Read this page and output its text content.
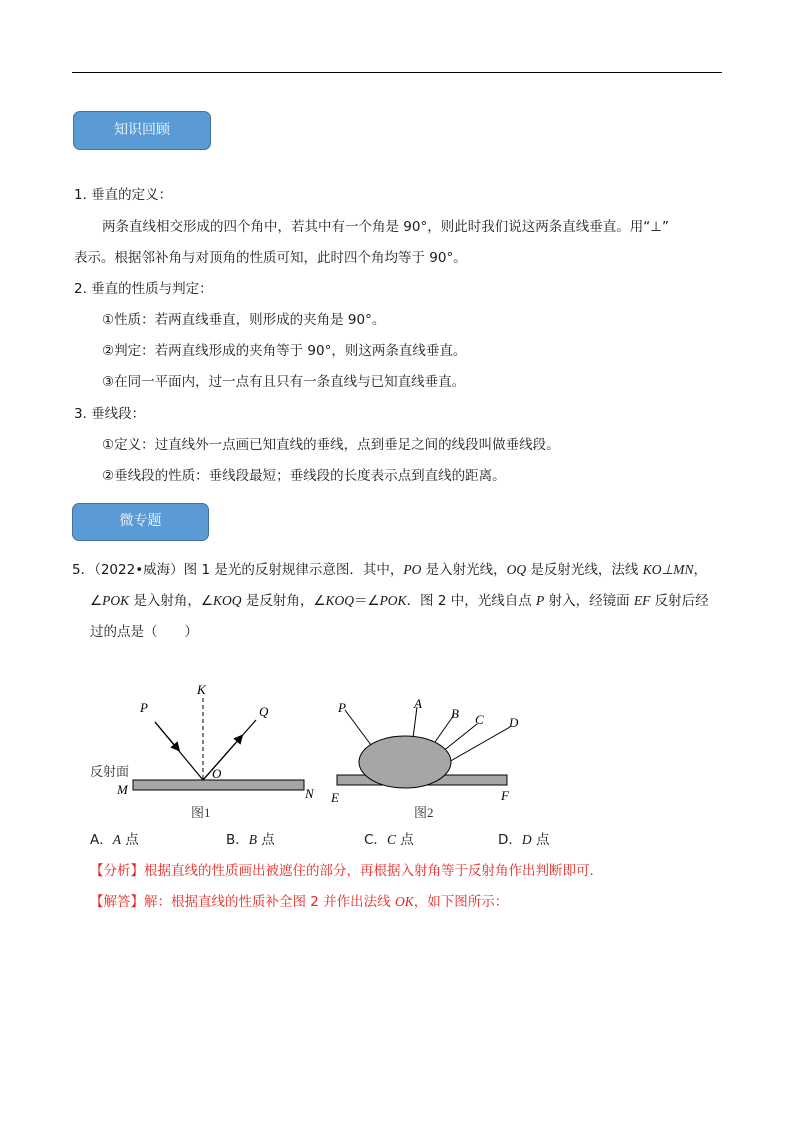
知识回顾
1. 垂直的定义：
两条直线相交形成的四个角中，若其中有一个角是 90°，则此时我们说这两条直线垂直。用“⊥”
表示。根据邻补角与对顶角的性质可知，此时四个角均等于 90°。
2. 垂直的性质与判定：
①性质：若两直线垂直，则形成的夹角是 90°。
②判定：若两直线形成的夹角等于 90°，则这两条直线垂直。
③在同一平面内，过一点有且只有一条直线与已知直线垂直。
3. 垂线段：
①定义：过直线外一点画已知直线的垂线，点到垂足之间的线段叫做垂线段。
②垂线段的性质：垂线段最短；垂线段的长度表示点到直线的距离。
微专题
5．（2022•威海）图 1 是光的反射规律示意图．其中，PO 是入射光线，OQ 是反射光线，法线 KO⊥MN，
∠POK 是入射角，∠KOQ 是反射角，∠KOQ＝∠POK．图 2 中，光线自点 P 射入，经镜面 EF 反射后经
过的点是（　　）
P
K
Q
O
M	N
反射面
图1
P	A
B C D
E	F
图2
A．A 点	B．B 点	C．C 点	D．D 点
【分析】根据直线的性质画出被遮住的部分，再根据入射角等于反射角作出判断即可.
【解答】解：根据直线的性质补全图 2 并作出法线 OK，如下图所示：
